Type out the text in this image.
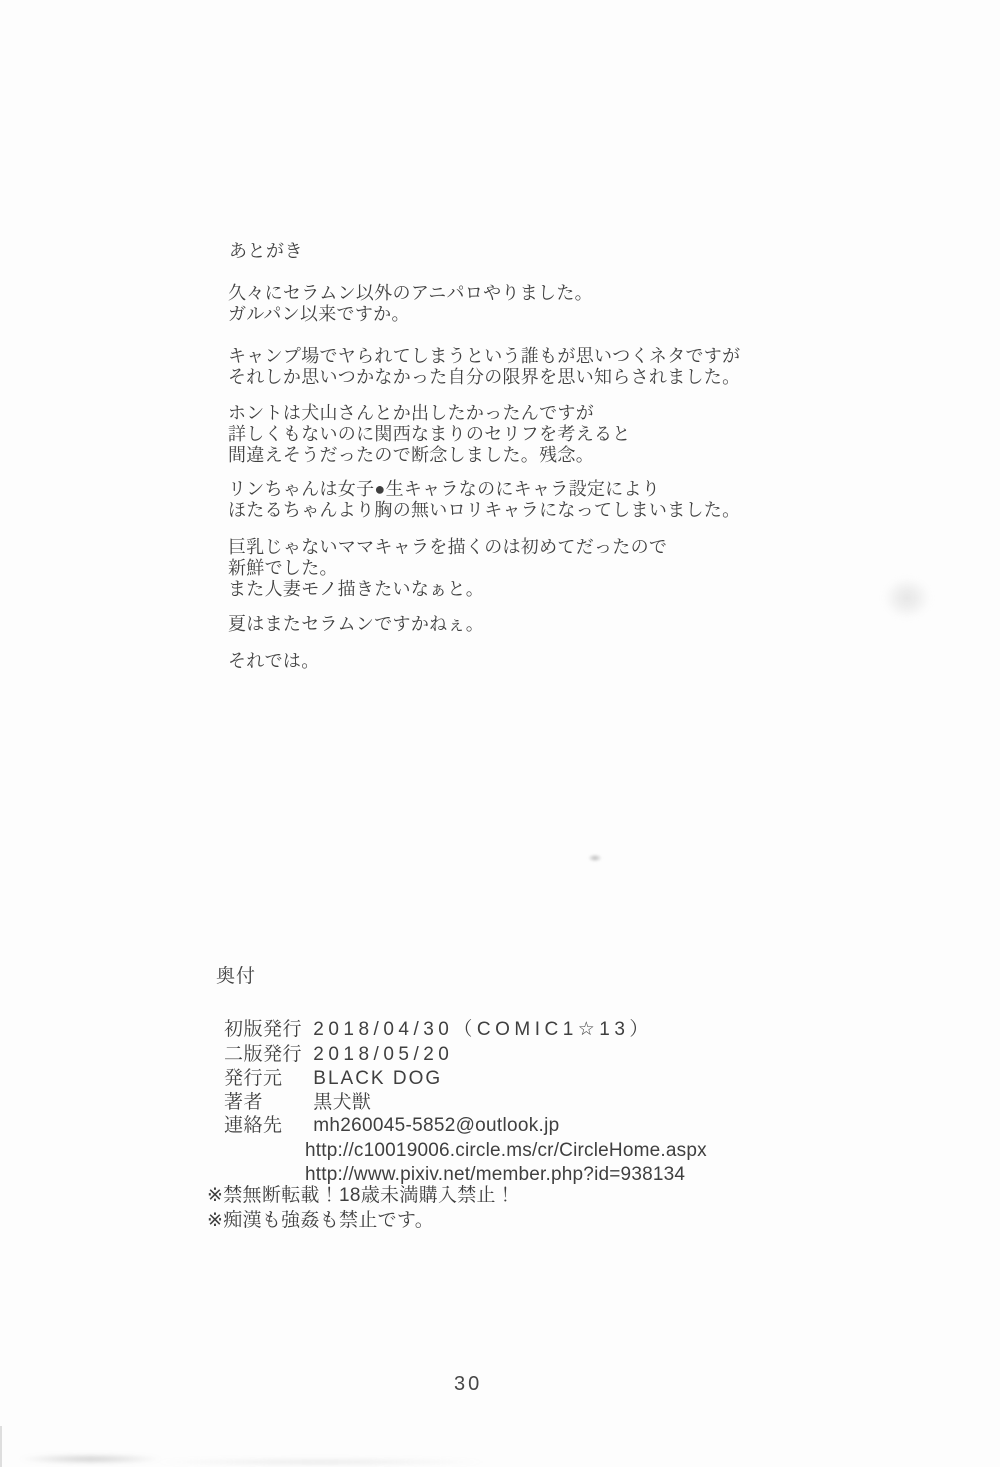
あとがき

久々にセラムン以外のアニパロやりました。
ガルパン以来ですか。

キャンプ場でヤられてしまうという誰もが思いつくネタですが
それしか思いつかなかった自分の限界を思い知らされました。

ホントは犬山さんとか出したかったんですが
詳しくもないのに関西なまりのセリフを考えると
間違えそうだったので断念しました。残念。

リンちゃんは女子●生キャラなのにキャラ設定により
ほたるちゃんより胸の無いロリキャラになってしまいました。

巨乳じゃないママキャラを描くのは初めてだったので
新鮮でした。
また人妻モノ描きたいなぁと。

夏はまたセラムンですかねぇ。

それでは。

奥付
初版発行 2018/04/30（COMIC1☆13）
二版発行 2018/05/20
発行元 BLACK DOG
著者	黒犬獣
連絡先 mh260045-5852@outlook.jp
http://c10019006.circle.ms/cr/CircleHome.aspx
http://www.pixiv.net/member.php?id=938134
※禁無断転載！18歳未満購入禁止！
※痴漢も強姦も禁止です。
30
